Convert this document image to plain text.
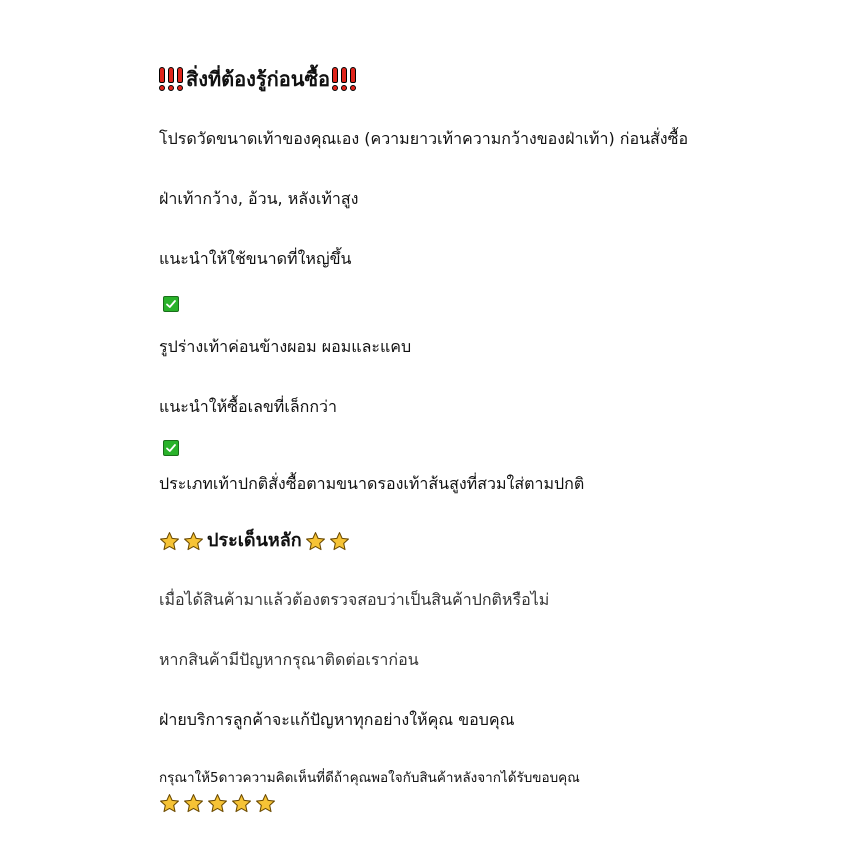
สิ่งที่ต้องรู้ก่อนซื้อ
โปรดวัดขนาดเท้าของคุณเอง (ความยาวเท้าความกว้างของฝ่าเท้า) ก่อนสั่งซื้อ
ฝ่าเท้ากว้าง, อ้วน, หลังเท้าสูง
แนะนำให้ใช้ขนาดที่ใหญ่ขึ้น
รูปร่างเท้าค่อนข้างผอม ผอมและแคบ
แนะนำให้ซื้อเลขที่เล็กกว่า
ประเภทเท้าปกติสั่งซื้อตามขนาดรองเท้าส้นสูงที่สวมใส่ตามปกติ
ประเด็นหลัก
เมื่อได้สินค้ามาแล้วต้องตรวจสอบว่าเป็นสินค้าปกติหรือไม่
หากสินค้ามีปัญหากรุณาติดต่อเราก่อน
ฝ่ายบริการลูกค้าจะแก้ปัญหาทุกอย่างให้คุณ ขอบคุณ
กรุณาให้5ดาวความคิดเห็นที่ดีถ้าคุณพอใจกับสินค้าหลังจากได้รับขอบคุณ
